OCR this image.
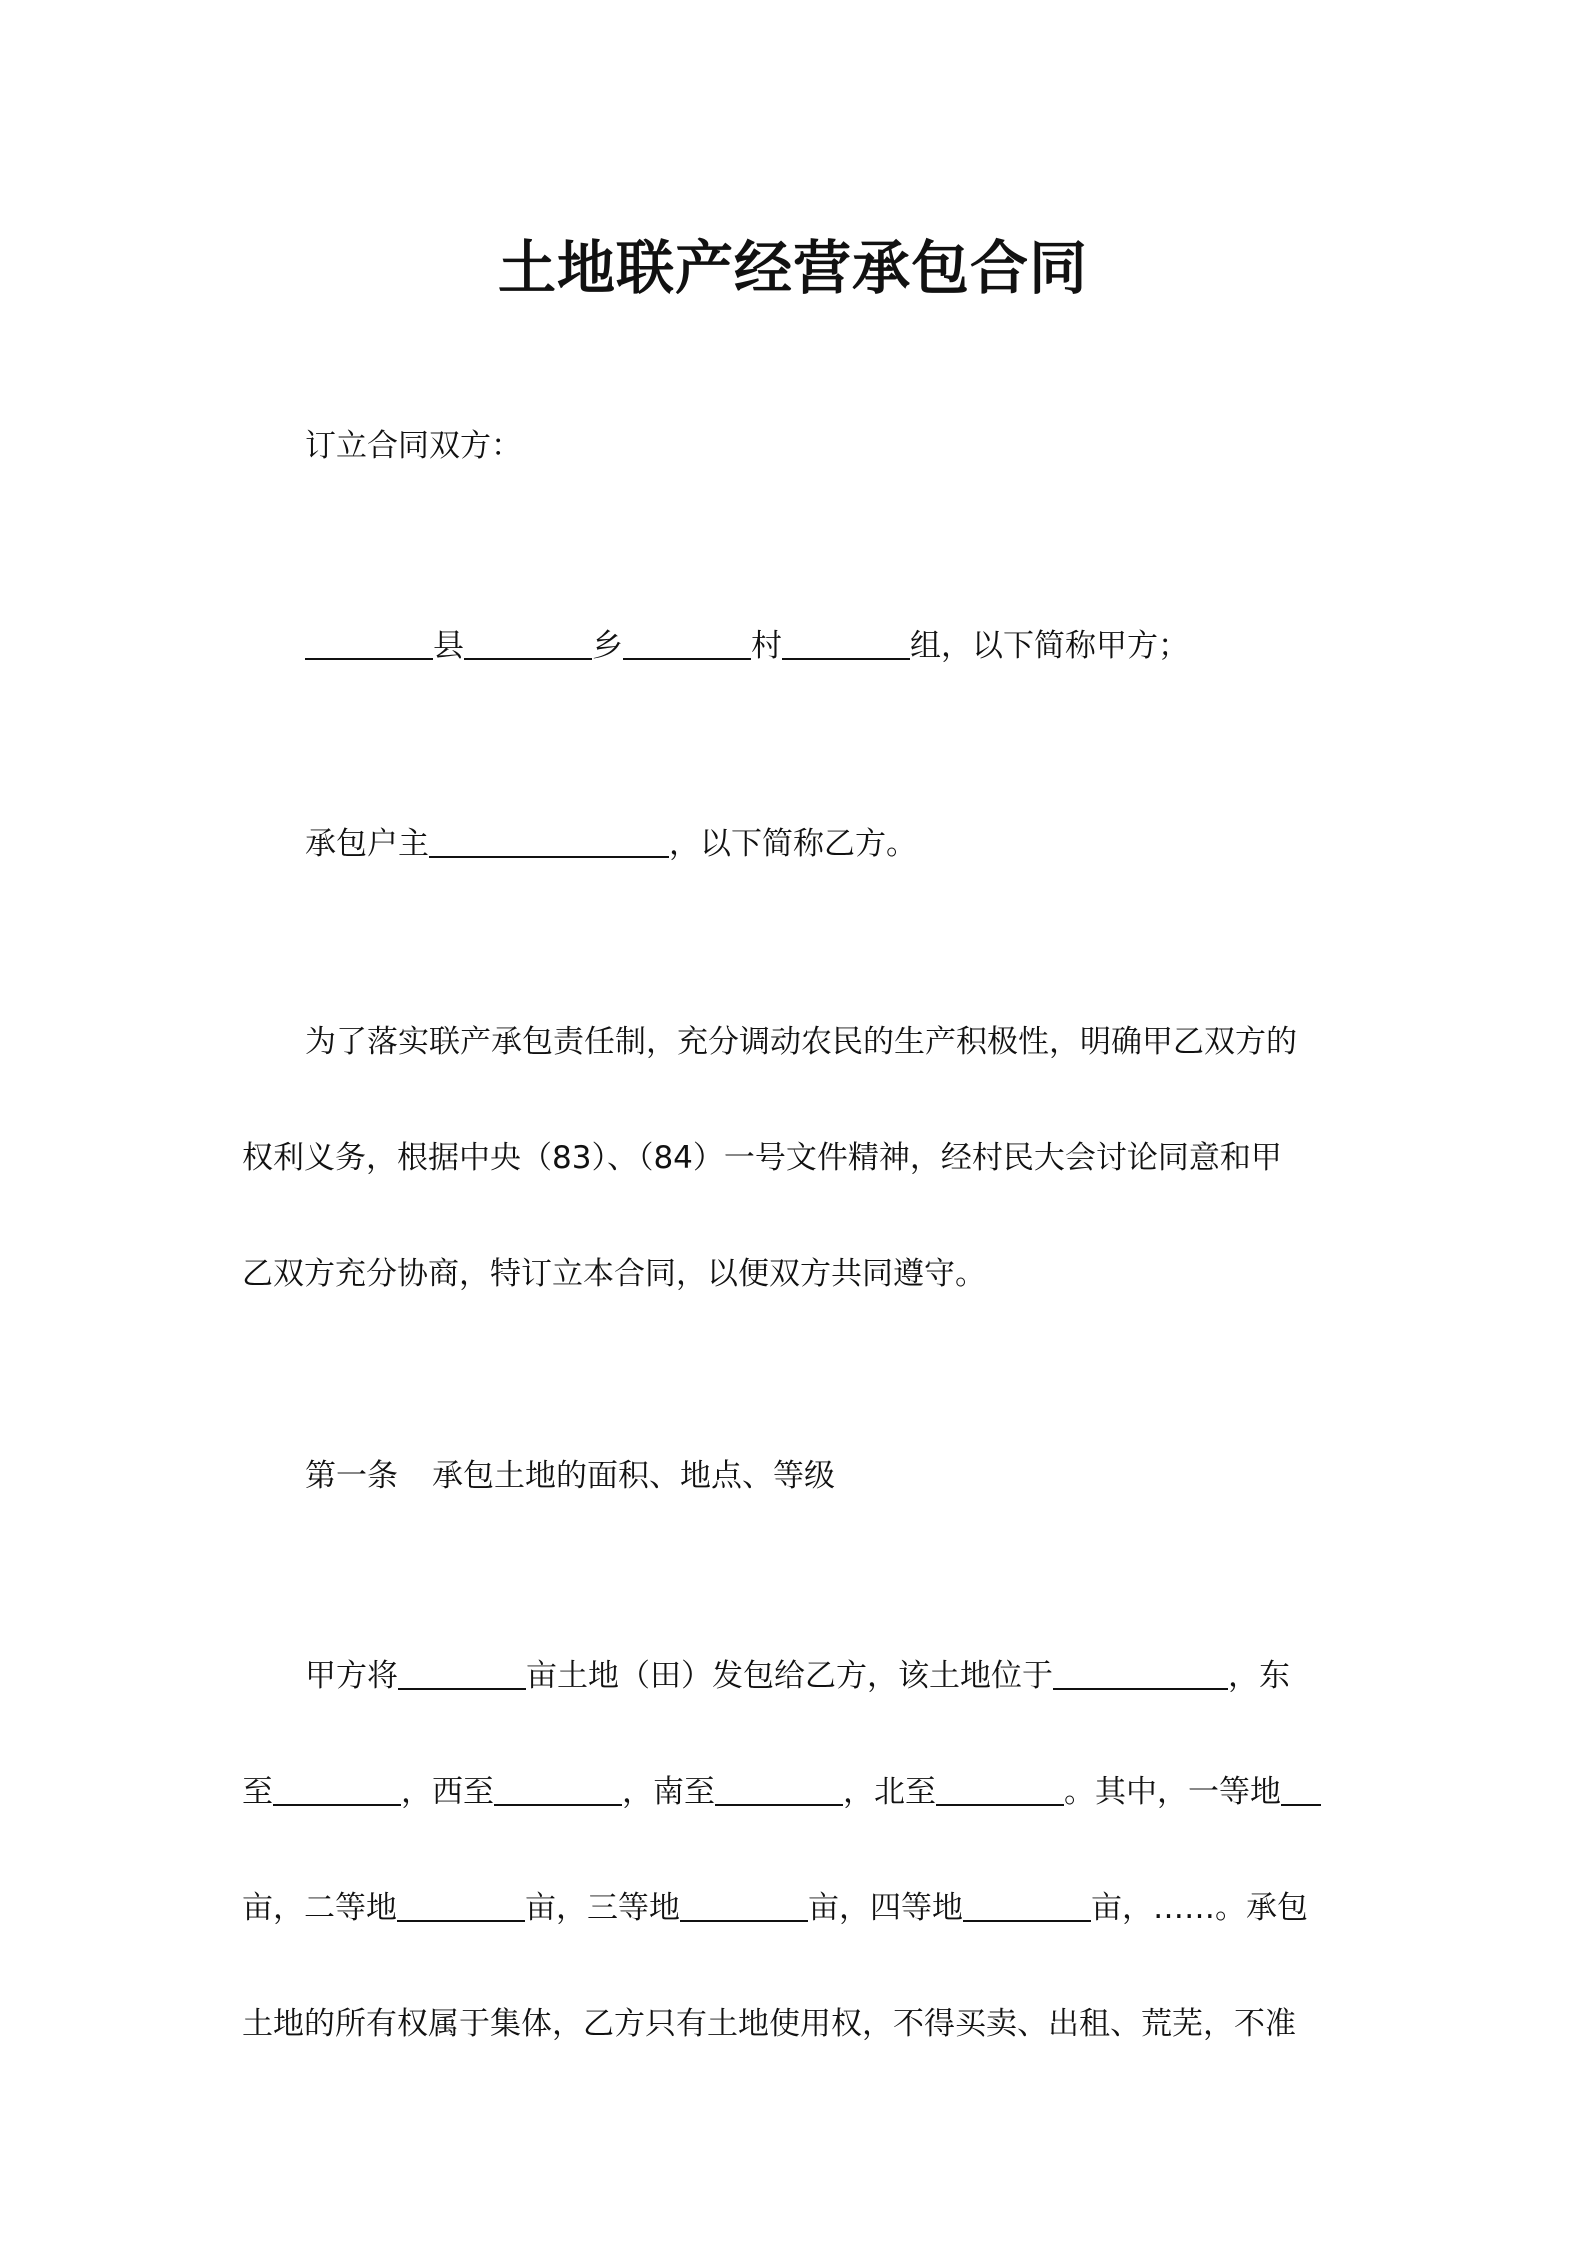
土地联产经营承包合同
订立合同双方：
县	乡	村	组，以下简称甲方；
承包户主	，以下简称乙方。
为了落实联产承包责任制，充分调动农民的生产积极性，明确甲乙双方的
权利义务，根据中央（83）、（84）一号文件精神，经村民大会讨论同意和甲
乙双方充分协商，特订立本合同，以便双方共同遵守。
第一条 承包土地的面积、地点、等级
甲方将	亩土地（田）发包给乙方，该土地位于	，东
至	，西至	，南至	，北至	。其中，一等地
亩，二等地	亩，三等地	亩，四等地	亩，……。承包
土地的所有权属于集体，乙方只有土地使用权，不得买卖、出租、荒芜，不准
